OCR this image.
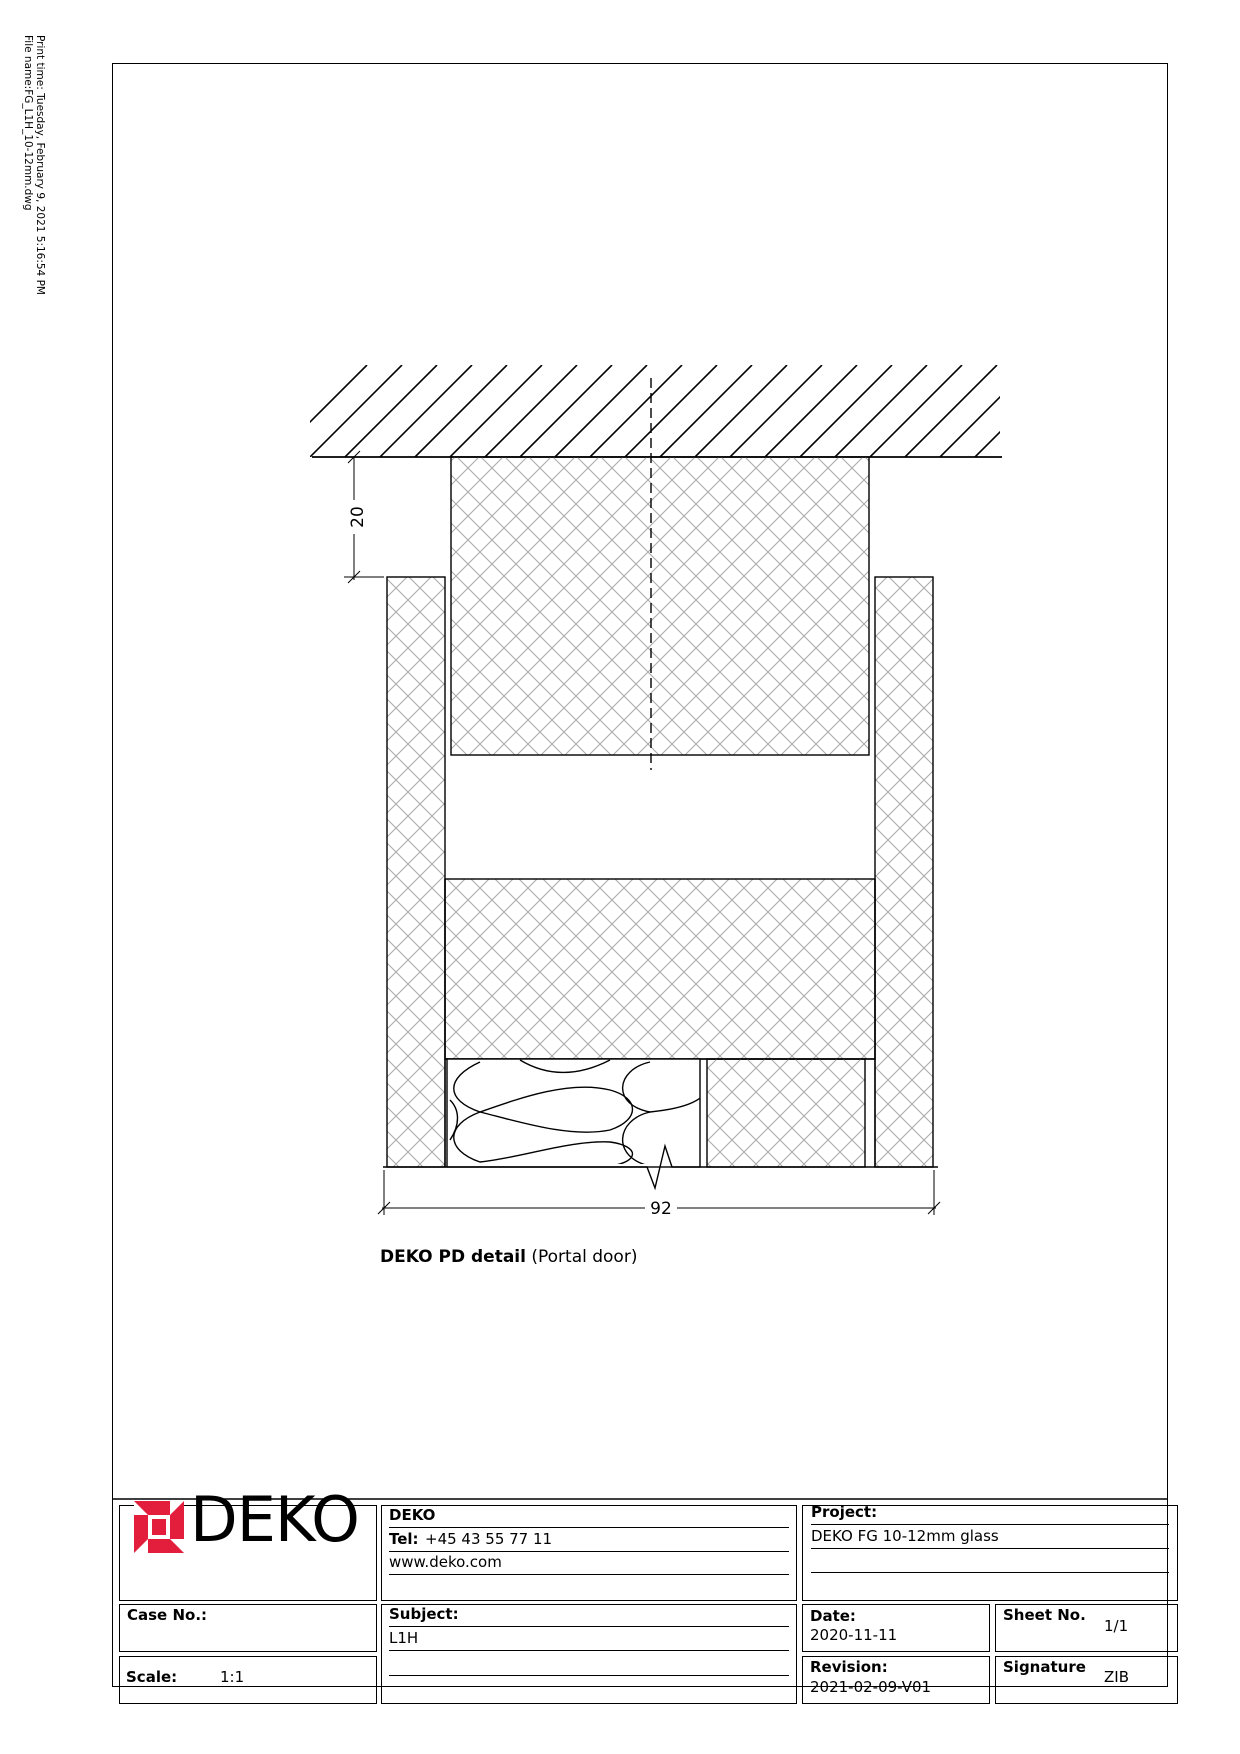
Print time: Tuesday, February 9, 2021 5:16:54 PM
File name:FG_L1H_10-12mm.dwg
20
92
DEKO PD detail (Portal door)
DEKO DEKO
Tel: +45 43 55 77 11
www.deko.com
Project:
DEKO FG 10-12mm glass
Case No.:	Subject:
L1H
Date:
2020-11-11
Sheet No.
1/1
Scale:	1:1
Revision:
2021-02-09-V01
Signature
ZIB
